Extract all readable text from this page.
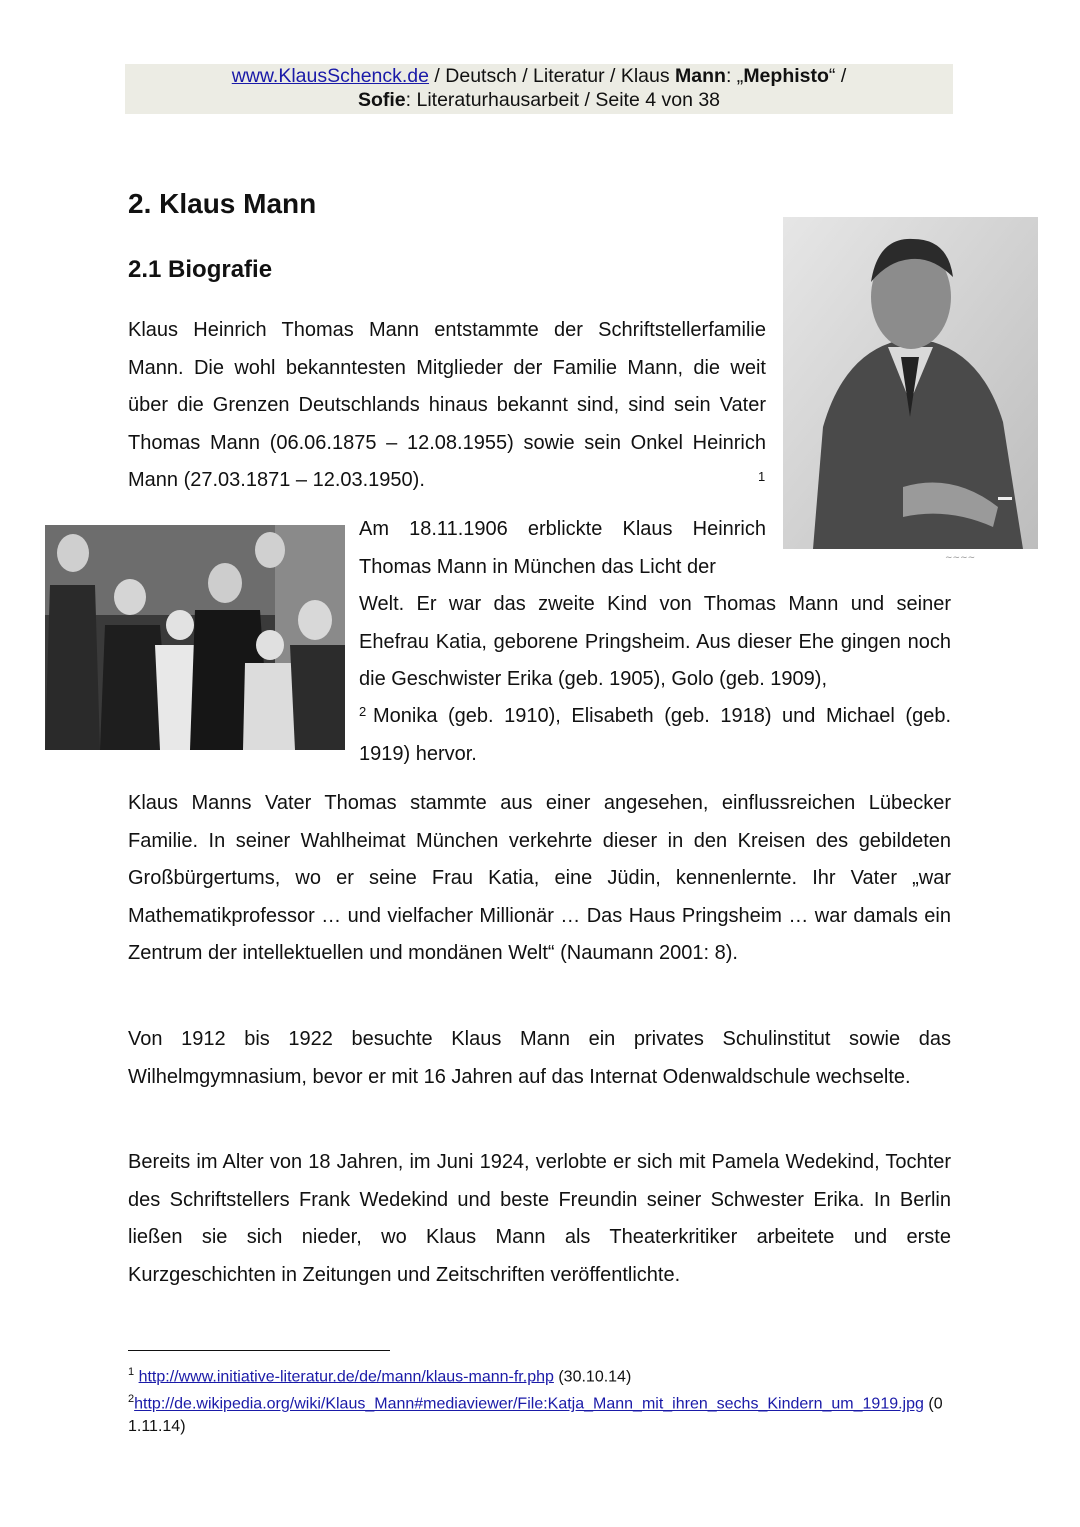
www.KlausSchenck.de / Deutsch / Literatur / Klaus Mann: „Mephisto“ /
Sofie: Literaturhausarbeit / Seite 4 von 38
2. Klaus Mann
2.1 Biografie
~~~~

Klaus Heinrich Thomas Mann entstammte der Schriftstellerfamilie Mann. Die wohl bekanntesten Mitglieder der Familie Mann, die weit über die Grenzen Deutschlands hinaus bekannt sind, sind sein Vater Thomas Mann (06.06.1875 – 12.08.1955) sowie sein Onkel Heinrich Mann (27.03.1871 – 12.03.1950).	1

Am 18.11.1906 erblickte Klaus Heinrich Thomas Mann in München das Licht der

Welt. Er war das zweite Kind von Thomas Mann und seiner Ehefrau Katia, geborene Pringsheim. Aus dieser Ehe gingen noch die Geschwister Erika (geb. 1905), Golo (geb. 1909),

Monika (geb. 1910), Elisabeth (geb. 1918) und Michael (geb. 1919) hervor.

2

Klaus Manns Vater Thomas stammte aus einer angesehen, einflussreichen Lübecker Familie. In seiner Wahlheimat München verkehrte dieser in den Kreisen des gebildeten Großbürgertums, wo er seine Frau Katia, eine Jüdin, kennenlernte. Ihr Vater „war Mathematikprofessor … und vielfacher Millionär … Das Haus Pringsheim … war damals ein Zentrum der intellektuellen und mondänen Welt“ (Naumann 2001: 8).

Von 1912 bis 1922 besuchte Klaus Mann ein privates Schulinstitut sowie das Wilhelmgymnasium, bevor er mit 16 Jahren auf das Internat Odenwaldschule wechselte.

Bereits im Alter von 18 Jahren, im Juni 1924, verlobte er sich mit Pamela Wedekind, Tochter des Schriftstellers Frank Wedekind und beste Freundin seiner Schwester Erika. In Berlin ließen sie sich nieder, wo Klaus Mann als Theaterkritiker arbeitete und erste Kurzgeschichten in Zeitungen und Zeitschriften veröffentlichte.

$^1$ http://www.initiative-literatur.de/de/mann/klaus-mann-fr.php (30.10.14)

$^2$http://de.wikipedia.org/wiki/Klaus_Mann#mediaviewer/File:Katja_Mann_mit_ihren_sechs_Kindern_um_1919.jpg (01.11.14)
